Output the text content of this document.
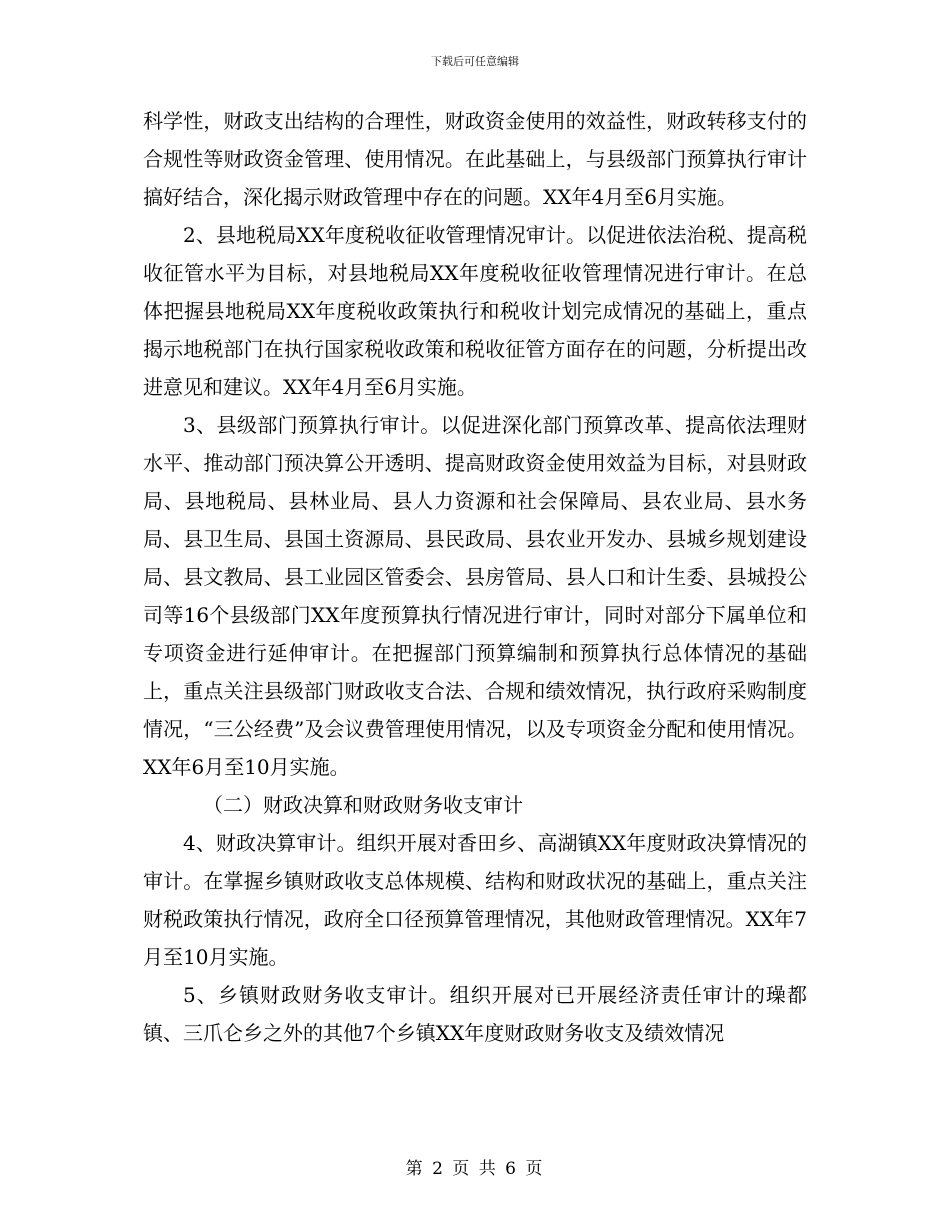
下载后可任意编辑

科学性，财政支出结构的合理性，财政资金使用的效益性，财政转移支付的合规性等财政资金管理、使用情况。在此基础上，与县级部门预算执行审计搞好结合，深化揭示财政管理中存在的问题。XX年4月至6月实施。

2、县地税局XX年度税收征收管理情况审计。以促进依法治税、提高税收征管水平为目标，对县地税局XX年度税收征收管理情况进行审计。在总体把握县地税局XX年度税收政策执行和税收计划完成情况的基础上，重点揭示地税部门在执行国家税收政策和税收征管方面存在的问题，分析提出改进意见和建议。XX年4月至6月实施。

3、县级部门预算执行审计。以促进深化部门预算改革、提高依法理财水平、推动部门预决算公开透明、提高财政资金使用效益为目标，对县财政局、县地税局、县林业局、县人力资源和社会保障局、县农业局、县水务局、县卫生局、县国土资源局、县民政局、县农业开发办、县城乡规划建设局、县文教局、县工业园区管委会、县房管局、县人口和计生委、县城投公司等16个县级部门XX年度预算执行情况进行审计，同时对部分下属单位和专项资金进行延伸审计。在把握部门预算编制和预算执行总体情况的基础上，重点关注县级部门财政收支合法、合规和绩效情况，执行政府采购制度情况，“三公经费”及会议费管理使用情况，以及专项资金分配和使用情况。XX年6月至10月实施。

（二）财政决算和财政财务收支审计

4、财政决算审计。组织开展对香田乡、高湖镇XX年度财政决算情况的审计。在掌握乡镇财政收支总体规模、结构和财政状况的基础上，重点关注财税政策执行情况，政府全口径预算管理情况，其他财政管理情况。XX年7月至10月实施。

5、乡镇财政财务收支审计。组织开展对已开展经济责任审计的璪都镇、三爪仑乡之外的其他7个乡镇XX年度财政财务收支及绩效情况

第 2 页 共 6 页
